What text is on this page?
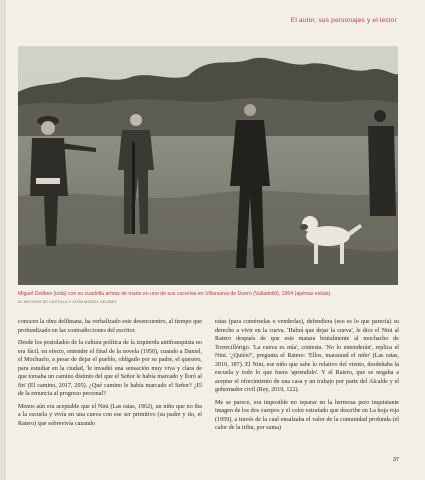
El autor, sus personajes y el lector
Miguel Delibes (izda) con su cuadrilla armas de mano en uno de sus cacerías en Villanueva de Duero (Valladolid), 1964 (apénas estala).
EL ARCHIVO DE CASTILLA Y LEÓN MIGUEL DELIBES

conocen la obra delibeana, ha verbalizado este desencuentro, al tiempo que profundizado en las contradicciones del escritor.

Desde los postulados de la cultura política de la izquierda antifranquista no era fácil, en efecto, entender el final de la novela (1950), cuando a Daniel, el Mochuelo, a pesar de dejar el pueblo, obligado por su padre, el quesero, para estudiar en la ciudad, 'le invadió una sensación muy viva y clara de que tomaba un camino distinto del que el Señor le había marcado y lloró al fin' (El camino, 2017, 205). ¿Qué camino le había marcado el Señor? ¿El de la renuncia al progreso personal?

Menos aún era aceptable que el Nini (Las ratas, 1962), un niño que no iba a la escuela y vivía en una cueva con ese ser primitivo (su padre y tío, el Ratero) que sobrevivía cazando

ratas (para comérselas o venderlas), defendiera (eso es lo que parecía) su derecho a vivir en la cueva. 'Habrá que dejar la cueva', le dice el Nini al Ratero después de que este matara brutalmente al mochacho de Torrecillórigo. 'La cueva es mía', contesta. 'No lo entenderán', replica el Nini. '¿Quién?', pregunta el Ratero: 'Ellos, mararaud el niño' (Las ratas, 2010, 187). El Nini, ese niño que sabe lo relativo del viento, desdeñaba la escuela y todo lo que fuera 'aprendido'. Y el Ratero, que se negaba a aceptar el ofrecimiento de una casa y un trabajo por parte del Alcalde y el gobernador civil (Rey, 2019, 122).

Me se parece, era imposible no reparar en la hermosa pero inquietante imagen de los dos cuerpos y el color estrafado que describe en La hoja roja (1959), a través de la cual ensalzaba el valor de la comunidad profunda (el calor de la tribu, por suma)

37
